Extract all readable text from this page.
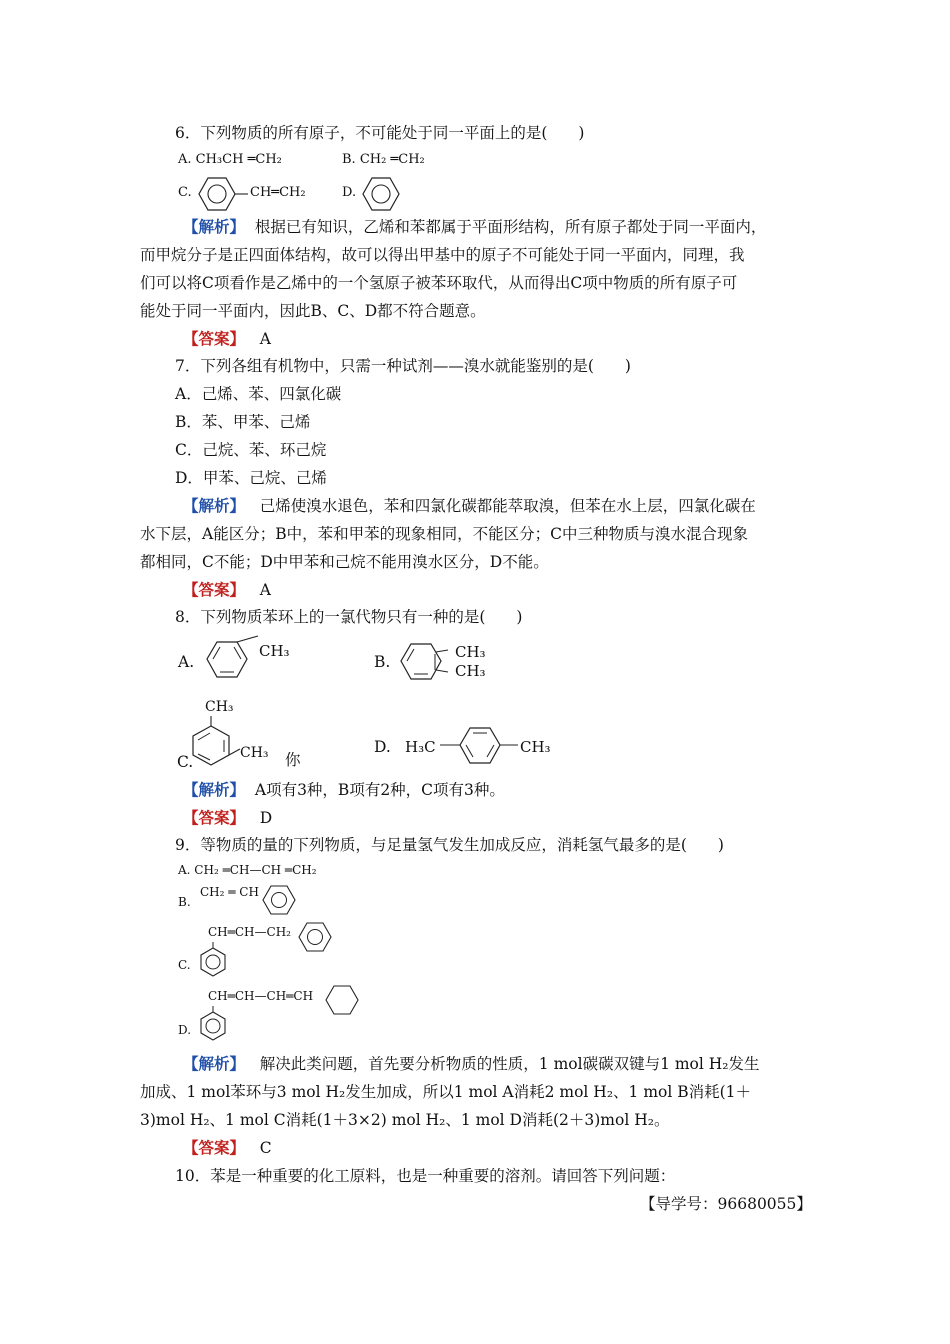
6．下列物质的所有原子，不可能处于同一平面上的是(　　)
A. CH₃CH ═CH₂	B. CH₂ ═CH₂
C.	CH═CH₂	D.
【解析】 根据已有知识，乙烯和苯都属于平面形结构，所有原子都处于同一平面内，
而甲烷分子是正四面体结构，故可以得出甲基中的原子不可能处于同一平面内，同理，我
们可以将C项看作是乙烯中的一个氢原子被苯环取代，从而得出C项中物质的所有原子可
能处于同一平面内，因此B、C、D都不符合题意。
【答案】 A
7．下列各组有机物中，只需一种试剂——溴水就能鉴别的是(　　)
A．己烯、苯、四氯化碳
B．苯、甲苯、己烯
C．己烷、苯、环己烷
D．甲苯、己烷、己烯
【解析】 己烯使溴水退色，苯和四氯化碳都能萃取溴，但苯在水上层，四氯化碳在
水下层，A能区分；B中，苯和甲苯的现象相同，不能区分；C中三种物质与溴水混合现象
都相同，C不能；D中甲苯和己烷不能用溴水区分，D不能。
【答案】 A
8．下列物质苯环上的一氯代物只有一种的是(　　)
A.
CH₃
B.
CH₃
CH₃
CH₃
CH₃
C.	你
D. H₃C	CH₃
【解析】 A项有3种，B项有2种，C项有3种。
【答案】 D
9．等物质的量的下列物质，与足量氢气发生加成反应，消耗氢气最多的是(　　)
A. CH₂ ═CH—CH ═CH₂
CH₂ ═ CH
B.
CH═CH—CH₂
C.
CH═CH—CH═CH
D.
【解析】 解决此类问题，首先要分析物质的性质，1 mol碳碳双键与1 mol H₂发生
加成、1 mol苯环与3 mol H₂发生加成，所以1 mol A消耗2 mol H₂、1 mol B消耗(1＋
3)mol H₂、1 mol C消耗(1＋3×2) mol H₂、1 mol D消耗(2＋3)mol H₂。
【答案】 C
10．苯是一种重要的化工原料，也是一种重要的溶剂。请回答下列问题：
【导学号：96680055】
